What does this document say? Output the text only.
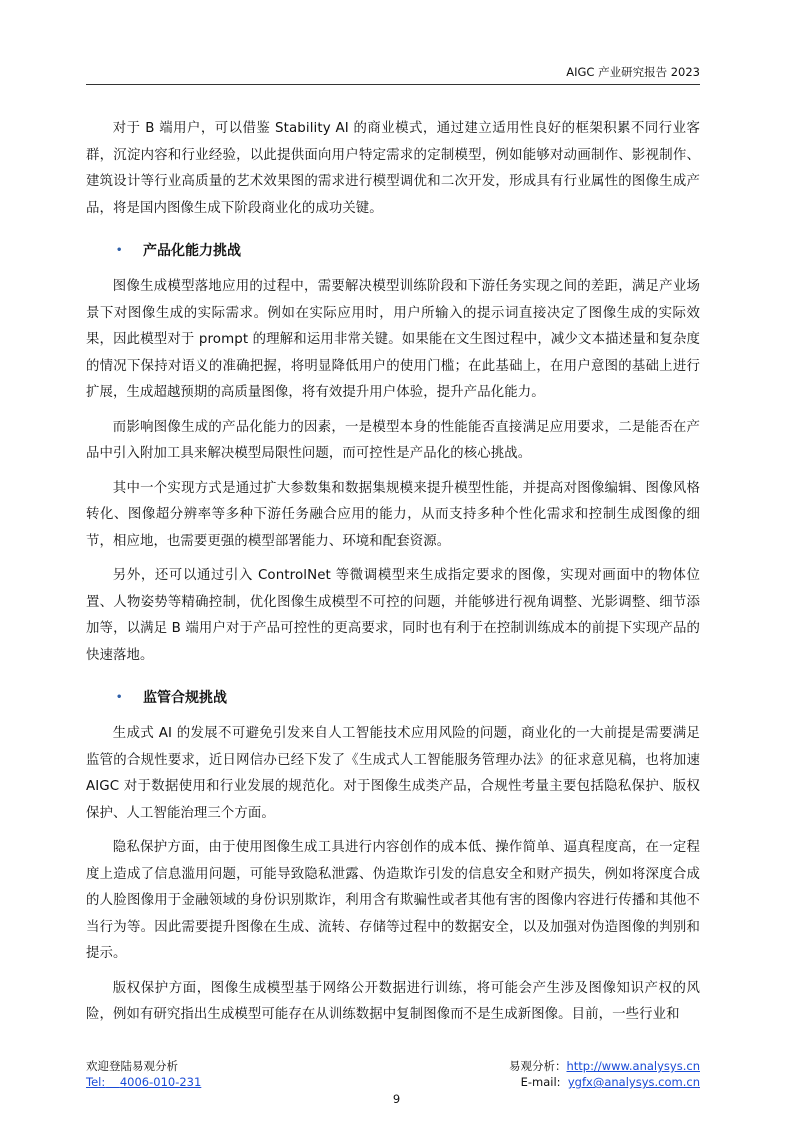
AIGC 产业研究报告 2023

对于 B 端用户，可以借鉴 Stability AI 的商业模式，通过建立适用性良好的框架积累不同行业客群，沉淀内容和行业经验，以此提供面向用户特定需求的定制模型，例如能够对动画制作、影视制作、建筑设计等行业高质量的艺术效果图的需求进行模型调优和二次开发，形成具有行业属性的图像生成产品，将是国内图像生成下阶段商业化的成功关键。

•	产品化能力挑战

图像生成模型落地应用的过程中，需要解决模型训练阶段和下游任务实现之间的差距，满足产业场景下对图像生成的实际需求。例如在实际应用时，用户所输入的提示词直接决定了图像生成的实际效果，因此模型对于 prompt 的理解和运用非常关键。如果能在文生图过程中，减少文本描述量和复杂度的情况下保持对语义的准确把握，将明显降低用户的使用门槛；在此基础上，在用户意图的基础上进行扩展，生成超越预期的高质量图像，将有效提升用户体验，提升产品化能力。

而影响图像生成的产品化能力的因素，一是模型本身的性能能否直接满足应用要求，二是能否在产品中引入附加工具来解决模型局限性问题，而可控性是产品化的核心挑战。

其中一个实现方式是通过扩大参数集和数据集规模来提升模型性能，并提高对图像编辑、图像风格转化、图像超分辨率等多种下游任务融合应用的能力，从而支持多种个性化需求和控制生成图像的细节，相应地，也需要更强的模型部署能力、环境和配套资源。

另外，还可以通过引入 ControlNet 等微调模型来生成指定要求的图像，实现对画面中的物体位置、人物姿势等精确控制，优化图像生成模型不可控的问题，并能够进行视角调整、光影调整、细节添加等，以满足 B 端用户对于产品可控性的更高要求，同时也有利于在控制训练成本的前提下实现产品的快速落地。

•	监管合规挑战

生成式 AI 的发展不可避免引发来自人工智能技术应用风险的问题，商业化的一大前提是需要满足监管的合规性要求，近日网信办已经下发了《生成式人工智能服务管理办法》的征求意见稿，也将加速 AIGC 对于数据使用和行业发展的规范化。对于图像生成类产品，合规性考量主要包括隐私保护、版权保护、人工智能治理三个方面。

隐私保护方面，由于使用图像生成工具进行内容创作的成本低、操作简单、逼真程度高，在一定程度上造成了信息滥用问题，可能导致隐私泄露、伪造欺诈引发的信息安全和财产损失，例如将深度合成的人脸图像用于金融领域的身份识别欺诈，利用含有欺骗性或者其他有害的图像内容进行传播和其他不当行为等。因此需要提升图像在生成、流转、存储等过程中的数据安全，以及加强对伪造图像的判别和提示。

版权保护方面，图像生成模型基于网络公开数据进行训练，将可能会产生涉及图像知识产权的风险，例如有研究指出生成模型可能存在从训练数据中复制图像而不是生成新图像。目前，一些行业和

欢迎登陆易观分析
Tel: 4006-010-231
易观分析：http://www.analysys.cn
E-mail: ygfx@analysys.com.cn
9
